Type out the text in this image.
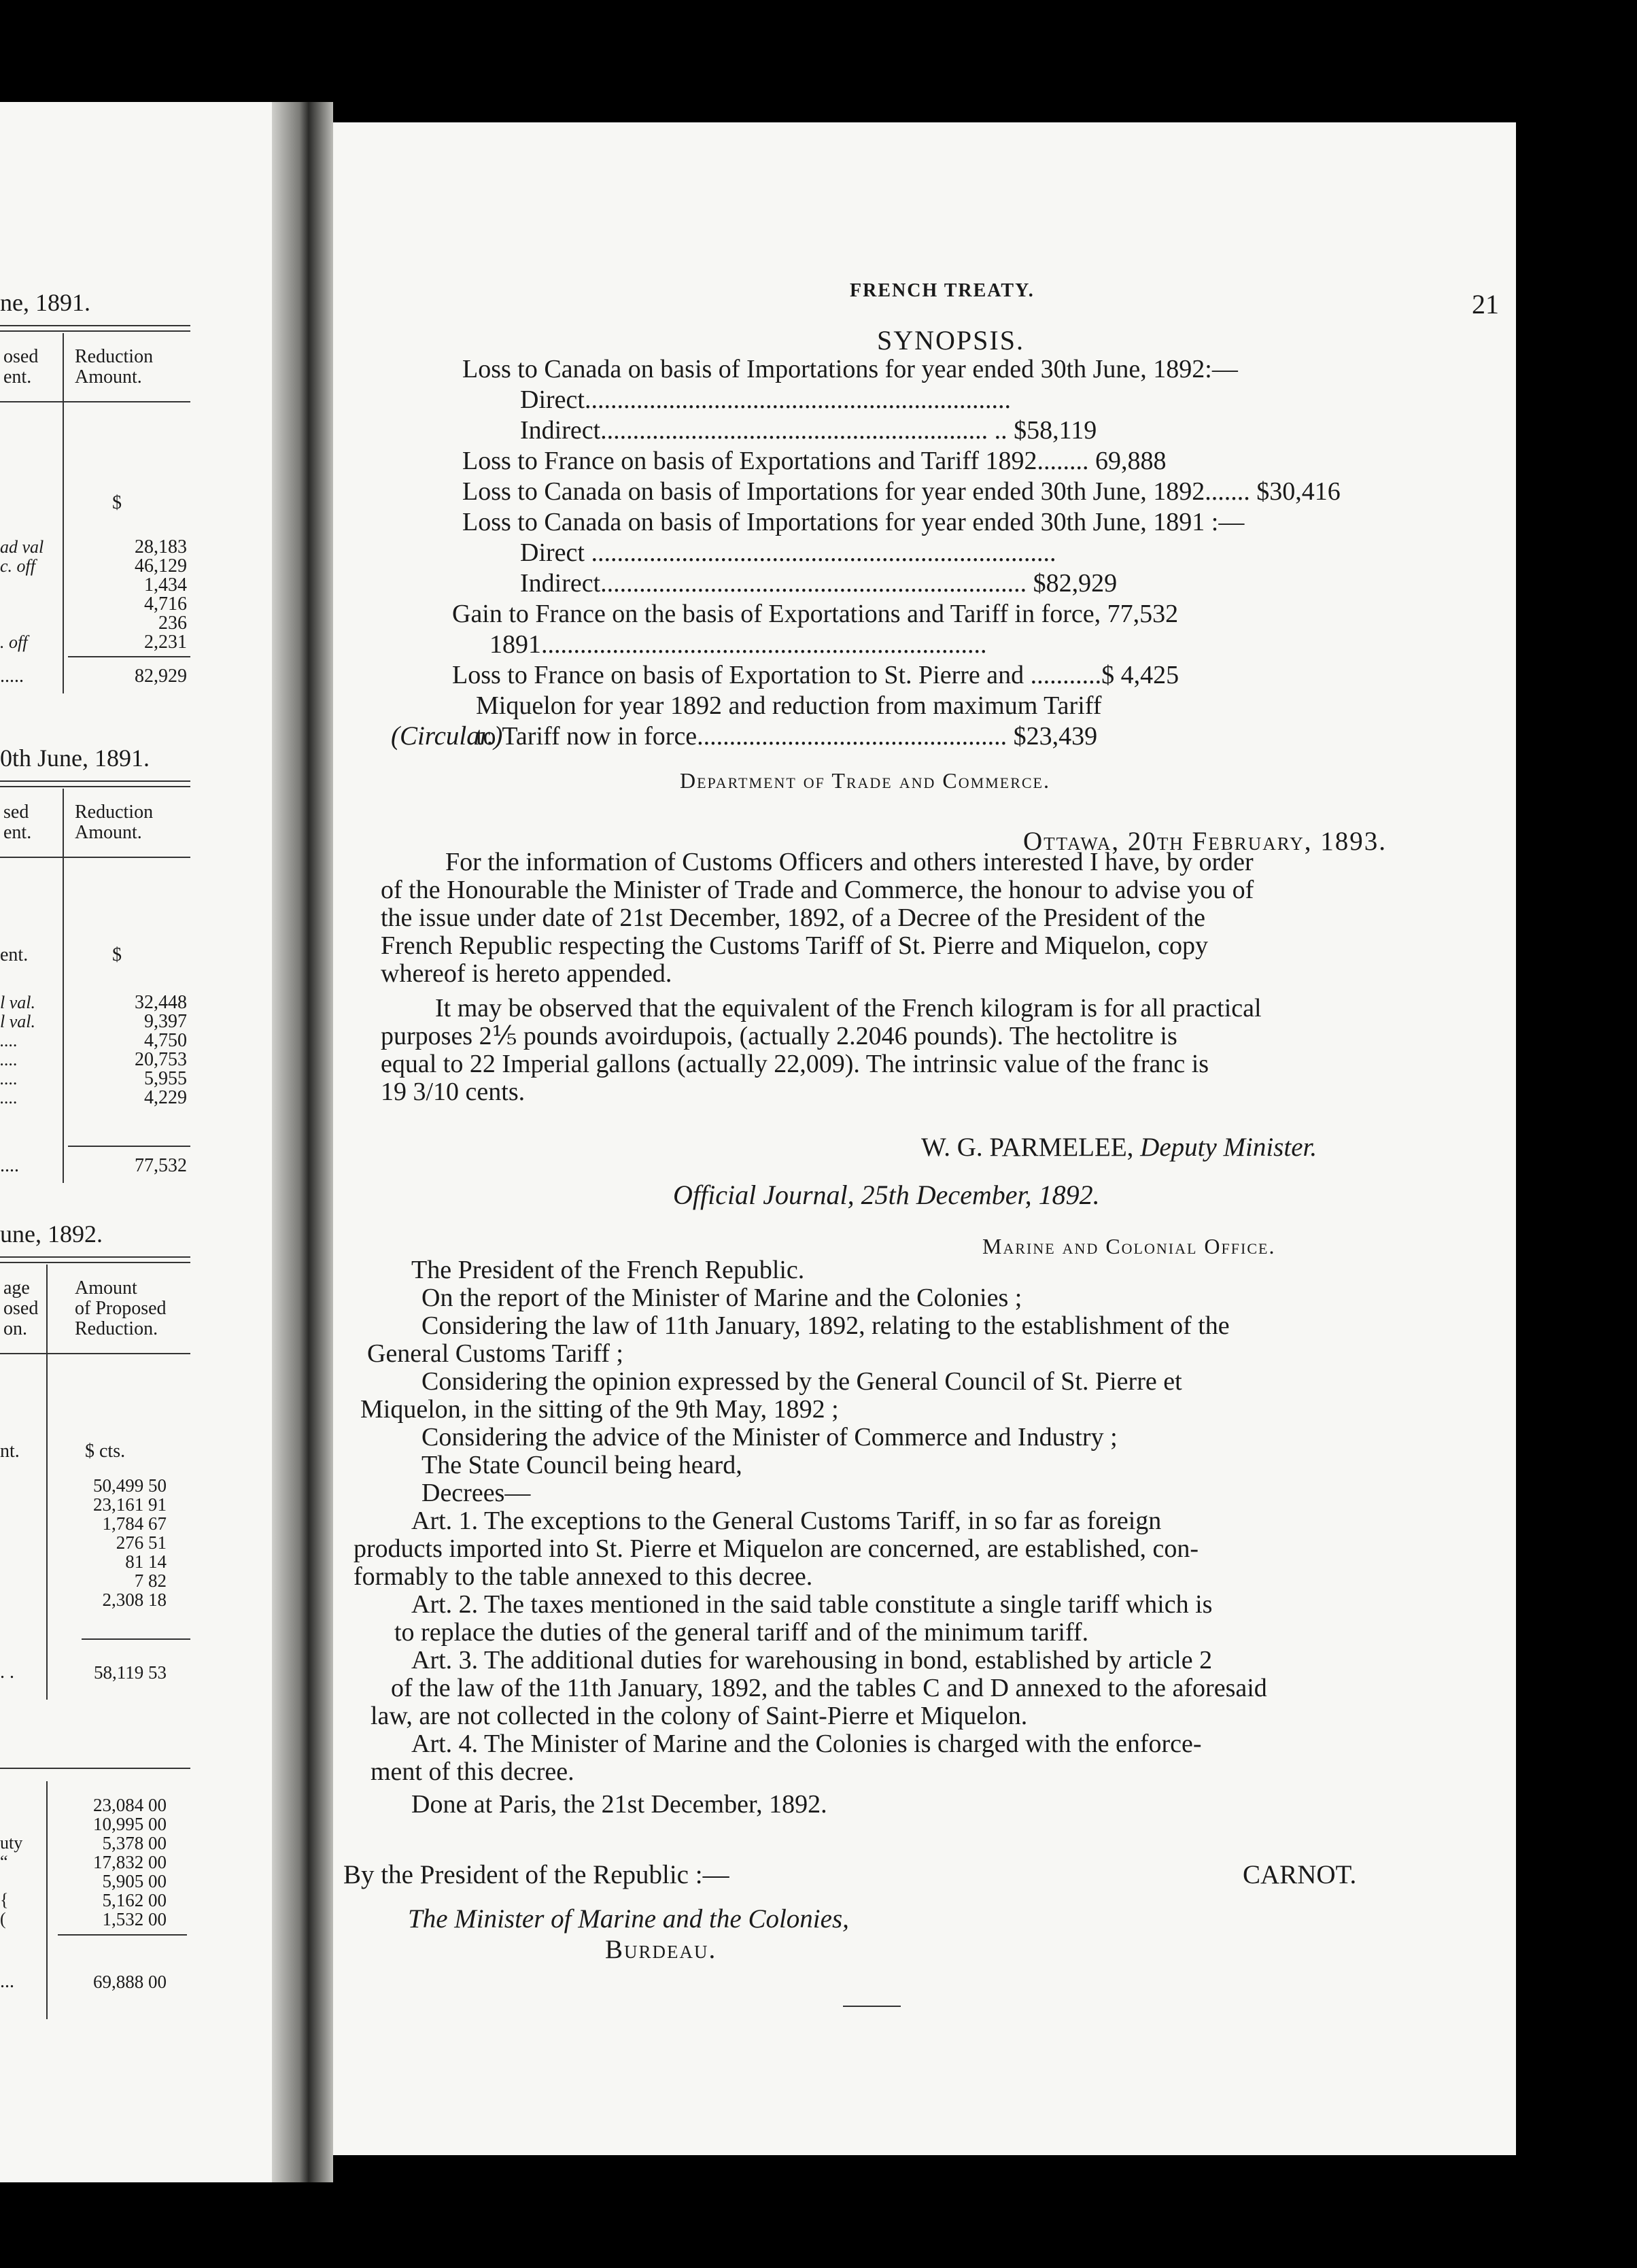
ne, 1891.
osed
ent.
Reduction
Amount.
$
ad val	28,183
c. off	46,129
1,434
4,716
236
. off	2,231
.....	82,929
0th June, 1891.
sed
ent.
Reduction
Amount.
ent.	$
l val.	32,448
l val.	9,397
....	4,750
....	20,753
....	5,955
....	4,229
....	77,532
une, 1892.
age
osed
on.
Amount
of Proposed
Reduction.
nt.	$ cts.
50,499 50
23,161 91
1,784 67
276 51
81 14
7 82
2,308 18
. .	58,119 53
23,084 00
10,995 00
uty	5,378 00
“	17,832 00
5,905 00
{	5,162 00
(	1,532 00
...	69,888 00
FRENCH TREATY.	21
SYNOPSIS.
Loss to Canada on basis of Importations for year ended 30th June, 1892:—
Direct..................................................................
Indirect............................................................ .. $58,119
Loss to France on basis of Exportations and Tariff 1892........ 69,888
Loss to Canada on basis of Importations for year ended 30th June, 1892....... $30,416
Loss to Canada on basis of Importations for year ended 30th June, 1891 :—
Direct ........................................................................
Indirect.................................................................. $82,929
Gain to France on the basis of Exportations and Tariff in force, 77,532
1891.....................................................................
Loss to France on basis of Exportation to St. Pierre and ...........$ 4,425
Miquelon for year 1892 and reduction from maximum Tariff
to Tariff now in force................................................ $23,439
(Circular.)
Department of Trade and Commerce.
Ottawa, 20th February, 1893.
For the information of Customs Officers and others interested I have, by order
of the Honourable the Minister of Trade and Commerce, the honour to advise you of
the issue under date of 21st December, 1892, of a Decree of the President of the
French Republic respecting the Customs Tariff of St. Pierre and Miquelon, copy
whereof is hereto appended.
It may be observed that the equivalent of the French kilogram is for all practical
purposes 2⅕ pounds avoirdupois, (actually 2.2046 pounds). The hectolitre is
equal to 22 Imperial gallons (actually 22,009). The intrinsic value of the franc is
19 3/10 cents.
W. G. PARMELEE, Deputy Minister.
Official Journal, 25th December, 1892.
Marine and Colonial Office.
The President of the French Republic.
On the report of the Minister of Marine and the Colonies ;
Considering the law of 11th January, 1892, relating to the establishment of the
General Customs Tariff ;
Considering the opinion expressed by the General Council of St. Pierre et
Miquelon, in the sitting of the 9th May, 1892 ;
Considering the advice of the Minister of Commerce and Industry ;
The State Council being heard,
Decrees—
Art. 1. The exceptions to the General Customs Tariff, in so far as foreign
products imported into St. Pierre et Miquelon are concerned, are established, con-
formably to the table annexed to this decree.
Art. 2. The taxes mentioned in the said table constitute a single tariff which is
to replace the duties of the general tariff and of the minimum tariff.
Art. 3. The additional duties for warehousing in bond, established by article 2
of the law of the 11th January, 1892, and the tables C and D annexed to the aforesaid
law, are not collected in the colony of Saint-Pierre et Miquelon.
Art. 4. The Minister of Marine and the Colonies is charged with the enforce-
ment of this decree.
Done at Paris, the 21st December, 1892.
By the President of the Republic :—	CARNOT.
The Minister of Marine and the Colonies,
Burdeau.
